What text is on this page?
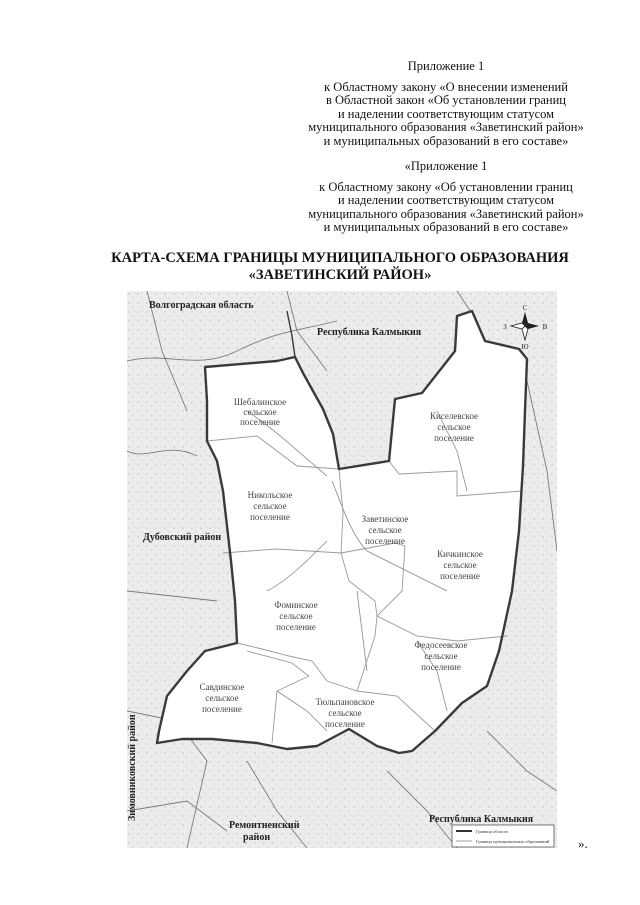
Приложение 1
к Областному закону «О внесении изменений
в Областной закон «Об установлении границ
и наделении соответствующим статусом
муниципального образования «Заветинский район»
и муниципальных образований в его составе»
«Приложение 1
к Областному закону «Об установлении границ
и наделении соответствующим статусом
муниципального образования «Заветинский район»
и муниципальных образований в его составе»
КАРТА-СХЕМА ГРАНИЦЫ МУНИЦИПАЛЬНОГО ОБРАЗОВАНИЯ
«ЗАВЕТИНСКИЙ РАЙОН»
Волгоградская область
Республика Калмыкия
Дубовский район
Республика Калмыкия
Ремонтненский
район
Зимовниковский район
Шебалинское
сельское
поселение
Киселевское
сельское
поселение
Никольское
сельское
поселение	Заветинское
сельское
поселение
Кичкинское
сельское
поселение
Фоминское
сельское
поселение
Федосеевское
сельское
поселение
Савдинское
сельское
поселение
Тюльпановское
сельское
поселение
С
Ю
З	В
Граница области
Граница муниципальных образований ».
